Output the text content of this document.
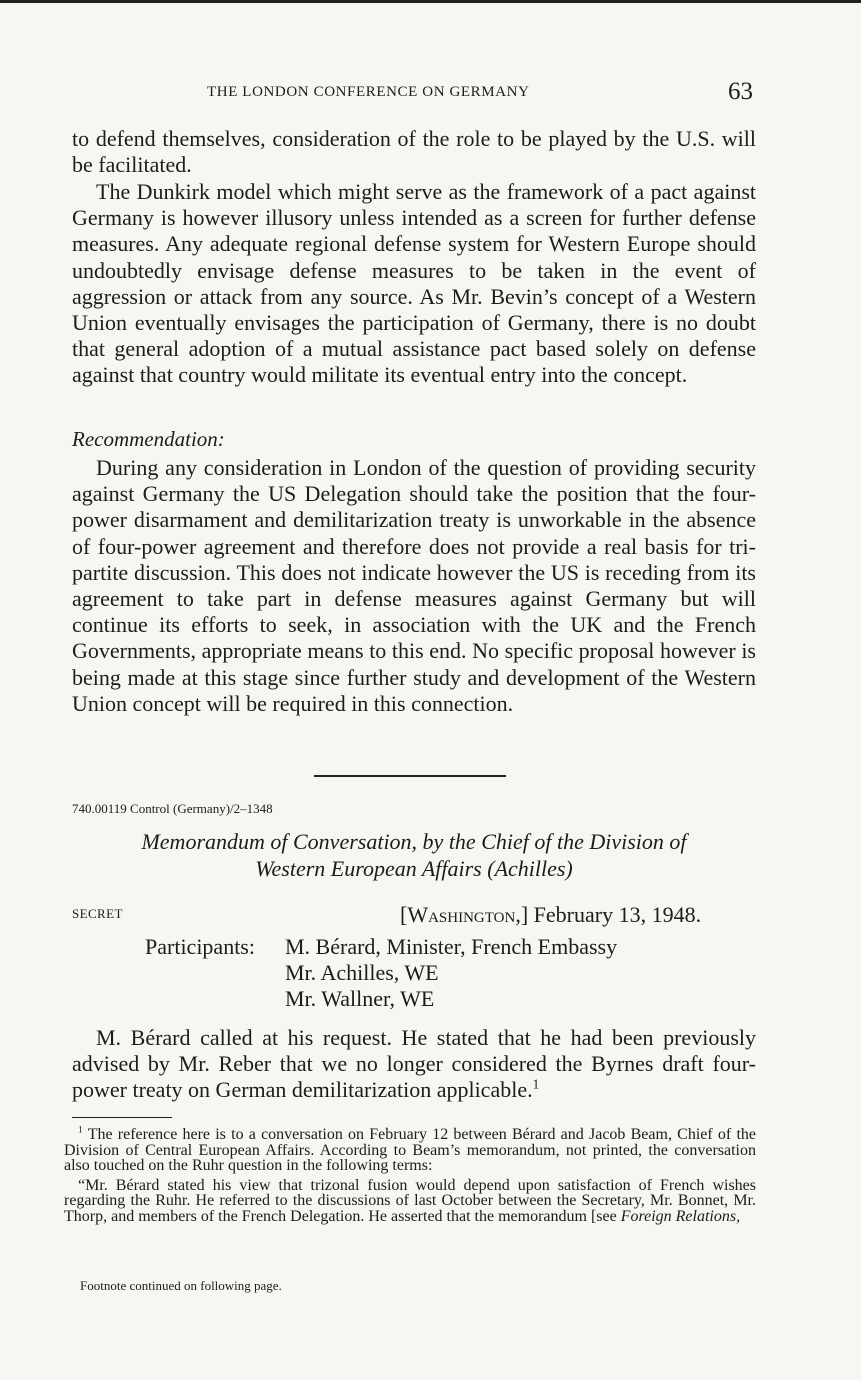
THE LONDON CONFERENCE ON GERMANY	63

to defend themselves, consideration of the role to be played by the U.S. will be facilitated.

The Dunkirk model which might serve as the framework of a pact against Germany is however illusory unless intended as a screen for further defense measures. Any adequate regional defense system for Western Europe should undoubtedly envisage defense measures to be taken in the event of aggression or attack from any source. As Mr. Bevin’s concept of a Western Union eventually envisages the participation of Germany, there is no doubt that general adoption of a mutual assistance pact based solely on defense against that country would militate its eventual entry into the concept.

Recommendation:

During any consideration in London of the question of providing security against Germany the US Delegation should take the position that the four-power disarmament and demilitarization treaty is unworkable in the absence of four-power agreement and therefore does not provide a real basis for tri-partite discussion. This does not indicate however the US is receding from its agreement to take part in defense measures against Germany but will continue its efforts to seek, in association with the UK and the French Governments, appropriate means to this end. No specific proposal however is being made at this stage since further study and development of the Western Union concept will be required in this connection.

740.00119 Control (Germany)/2–1348
Memorandum of Conversation, by the Chief of the Division of
Western European Affairs (Achilles)
SECRET	[Washington,] February 13, 1948.
Participants: M. Bérard, Minister, French Embassy
Mr. Achilles, WE
Mr. Wallner, WE

M. Bérard called at his request. He stated that he had been previously advised by Mr. Reber that we no longer considered the Byrnes draft four-power treaty on German demilitarization applicable.$^1$

$^1$ The reference here is to a conversation on February 12 between Bérard and Jacob Beam, Chief of the Division of Central European Affairs. According to Beam’s memorandum, not printed, the conversation also touched on the Ruhr question in the following terms:

“Mr. Bérard stated his view that trizonal fusion would depend upon satisfaction of French wishes regarding the Ruhr. He referred to the discussions of last October between the Secretary, Mr. Bonnet, Mr. Thorp, and members of the French Delegation. He asserted that the memorandum [see Foreign Relations,

Footnote continued on following page.
